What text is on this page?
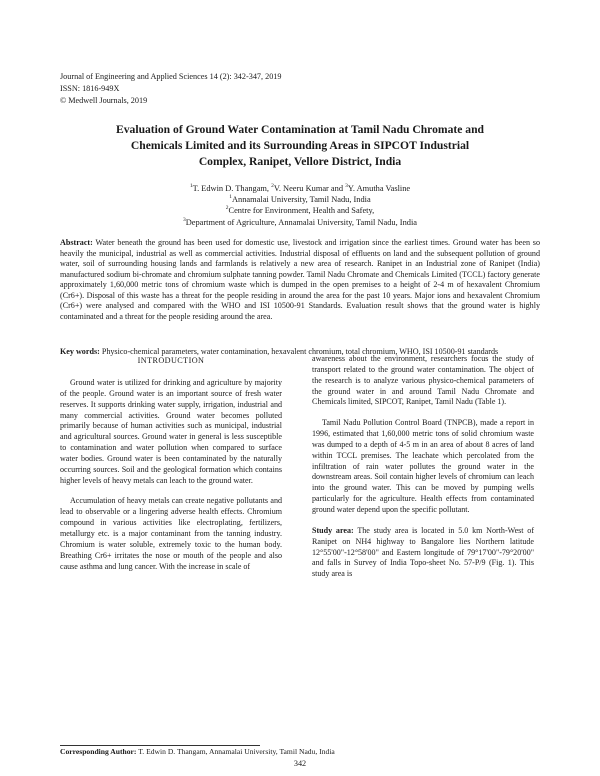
Journal of Engineering and Applied Sciences 14 (2): 342-347, 2019
ISSN: 1816-949X
© Medwell Journals, 2019
Evaluation of Ground Water Contamination at Tamil Nadu Chromate and
Chemicals Limited and its Surrounding Areas in SIPCOT Industrial
Complex, Ranipet, Vellore District, India
$^1$T. Edwin D. Thangam, $^2$V. Neeru Kumar and $^3$Y. Amutha Vasline
$^1$Annamalai University, Tamil Nadu, India
$^2$Centre for Environment, Health and Safety,
$^3$Department of Agriculture, Annamalai University, Tamil Nadu, India
Abstract: Water beneath the ground has been used for domestic use, livestock and irrigation since the earliest times. Ground water has been so heavily the municipal, industrial as well as commercial activities. Industrial disposal of effluents on land and the subsequent pollution of ground water, soil of surrounding housing lands and farmlands is relatively a new area of research. Ranipet in an Industrial zone of Ranipet (India) manufactured sodium bi-chromate and chromium sulphate tanning powder. Tamil Nadu Chromate and Chemicals Limited (TCCL) factory generate approximately 1,60,000 metric tons of chromium waste which is dumped in the open premises to a height of 2-4 m of hexavalent Chromium (Cr6+). Disposal of this waste has a threat for the people residing in around the area for the past 10 years. Major ions and hexavalent Chromium (Cr6+) were analysed and compared with the WHO and ISI 10500-91 Standards. Evaluation result shows that the ground water is highly contaminated and a threat for the people residing around the area.
Key words: Physico-chemical parameters, water contamination, hexavalent chromium, total chromium, WHO, ISI 10500-91 standards
INTRODUCTION

Ground water is utilized for drinking and agriculture by majority of the people. Ground water is an important source of fresh water reserves. It supports drinking water supply, irrigation, industrial and many commercial activities. Ground water becomes polluted primarily because of human activities such as municipal, industrial and agricultural sources. Ground water in general is less susceptible to contamination and water pollution when compared to surface water bodies. Ground water is been contaminated by the naturally occurring sources. Soil and the geological formation which contains higher levels of heavy metals can leach to the ground water.

Accumulation of heavy metals can create negative pollutants and lead to observable or a lingering adverse health effects. Chromium compound in various activities like electroplating, fertilizers, metallurgy etc. is a major contaminant from the tanning industry. Chromium is water soluble, extremely toxic to the human body. Breathing Cr6+ irritates the nose or mouth of the people and also cause asthma and lung cancer. With the increase in scale of

awareness about the environment, researchers focus the study of transport related to the ground water contamination. The object of the research is to analyze various physico-chemical parameters of the ground water in and around Tamil Nadu Chromate and Chemicals limited, SIPCOT, Ranipet, Tamil Nadu (Table 1).

Tamil Nadu Pollution Control Board (TNPCB), made a report in 1996, estimated that 1,60,000 metric tons of solid chromium waste was dumped to a depth of 4-5 m in an area of about 8 acres of land within TCCL premises. The leachate which percolated from the infiltration of rain water pollutes the ground water in the downstream areas. Soil contain higher levels of chromium can leach into the ground water. This can be moved by pumping wells particularly for the agriculture. Health effects from contaminated ground water depend upon the specific pollutant.

Study area: The study area is located in 5.0 km North-West of Ranipet on NH4 highway to Bangalore lies Northern latitude 12°55'00"-12°58'00" and Eastern longitude of 79°17'00"-79°20'00" and falls in Survey of India Topo-sheet No. 57-P/9 (Fig. 1). This study area is

Corresponding Author: T. Edwin D. Thangam, Annamalai University, Tamil Nadu, India
342
